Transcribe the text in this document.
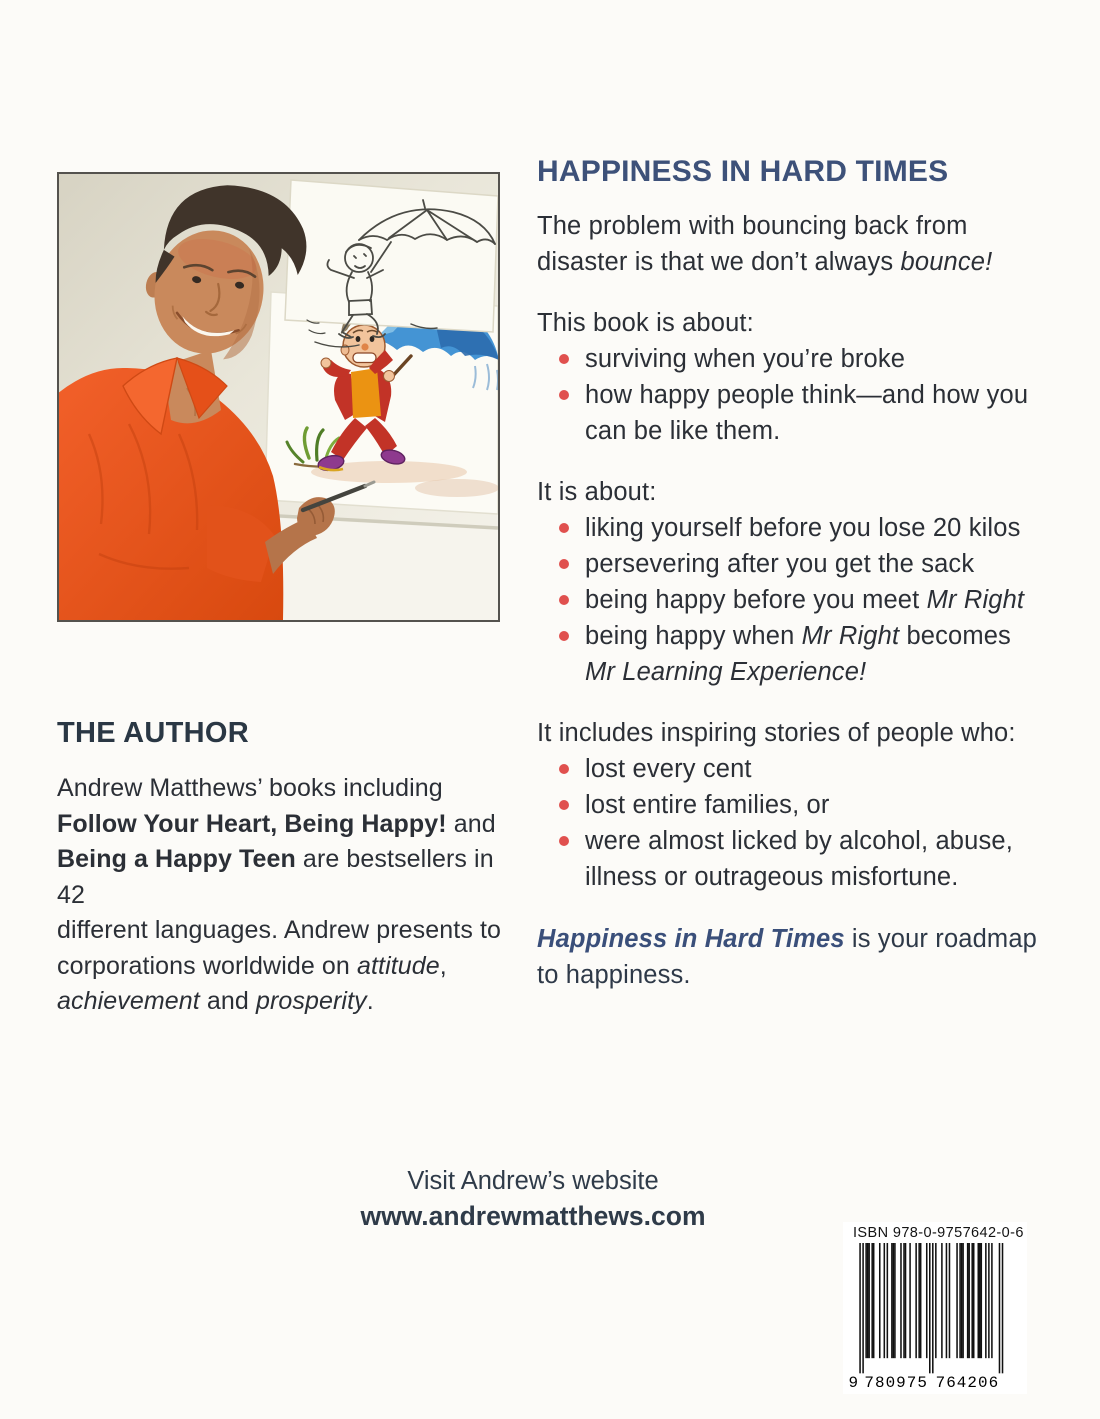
HAPPINESS IN HARD TIMES
The problem with bouncing back from
disaster is that we don’t always bounce!
This book is about:
surviving when you’re broke
how happy people think—and how you
can be like them.
It is about:
liking yourself before you lose 20 kilos
persevering after you get the sack
being happy before you meet Mr Right
being happy when Mr Right becomes
Mr Learning Experience!
It includes inspiring stories of people who:
lost every cent
lost entire families, or
were almost licked by alcohol, abuse,
illness or outrageous misfortune.
Happiness in Hard Times is your roadmap
to happiness.
THE AUTHOR
Andrew Matthews’ books including
Follow Your Heart, Being Happy! and
Being a Happy Teen are bestsellers in 42
different languages. Andrew presents to
corporations worldwide on attitude,
achievement and prosperity.
Visit Andrew’s website
www.andrewmatthews.com
ISBN 978-0-9757642-0-6
9 7 8 0 9 7 5 7 6 4 2 0 6
